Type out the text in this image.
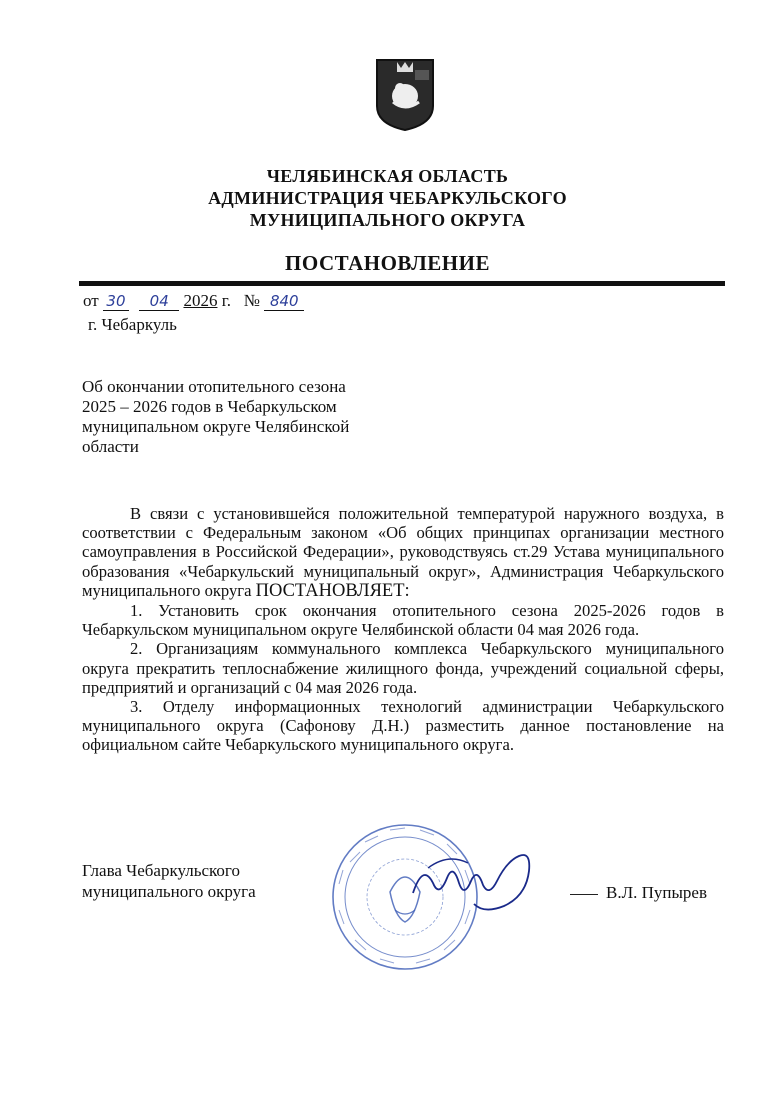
ЧЕЛЯБИНСКАЯ ОБЛАСТЬ
АДМИНИСТРАЦИЯ ЧЕБАРКУЛЬСКОГО
МУНИЦИПАЛЬНОГО ОКРУГА
ПОСТАНОВЛЕНИЕ
от 30 04 2026 г. № 840
г. Чебаркуль
Об окончании отопительного сезона 2025 – 2026 годов в Чебаркульском муниципальном округе Челябинской области

В связи с установившейся положительной температурой наружного воздуха, в соответствии с Федеральным законом «Об общих принципах организации местного самоуправления в Российской Федерации», руководствуясь ст.29 Устава муниципального образования «Чебаркульский муниципальный округ», Администрация Чебаркульского муниципального округа ПОСТАНОВЛЯЕТ:

1. Установить срок окончания отопительного сезона 2025-2026 годов в Чебаркульском муниципальном округе Челябинской области 04 мая 2026 года.

2. Организациям коммунального комплекса Чебаркульского муниципального округа прекратить теплоснабжение жилищного фонда, учреждений социальной сферы, предприятий и организаций с 04 мая 2026 года.

3. Отделу информационных технологий администрации Чебаркульского муниципального округа (Сафонову Д.Н.) разместить данное постановление на официальном сайте Чебаркульского муниципального округа.

Глава Чебаркульского
муниципального округа	В.Л. Пупырев
